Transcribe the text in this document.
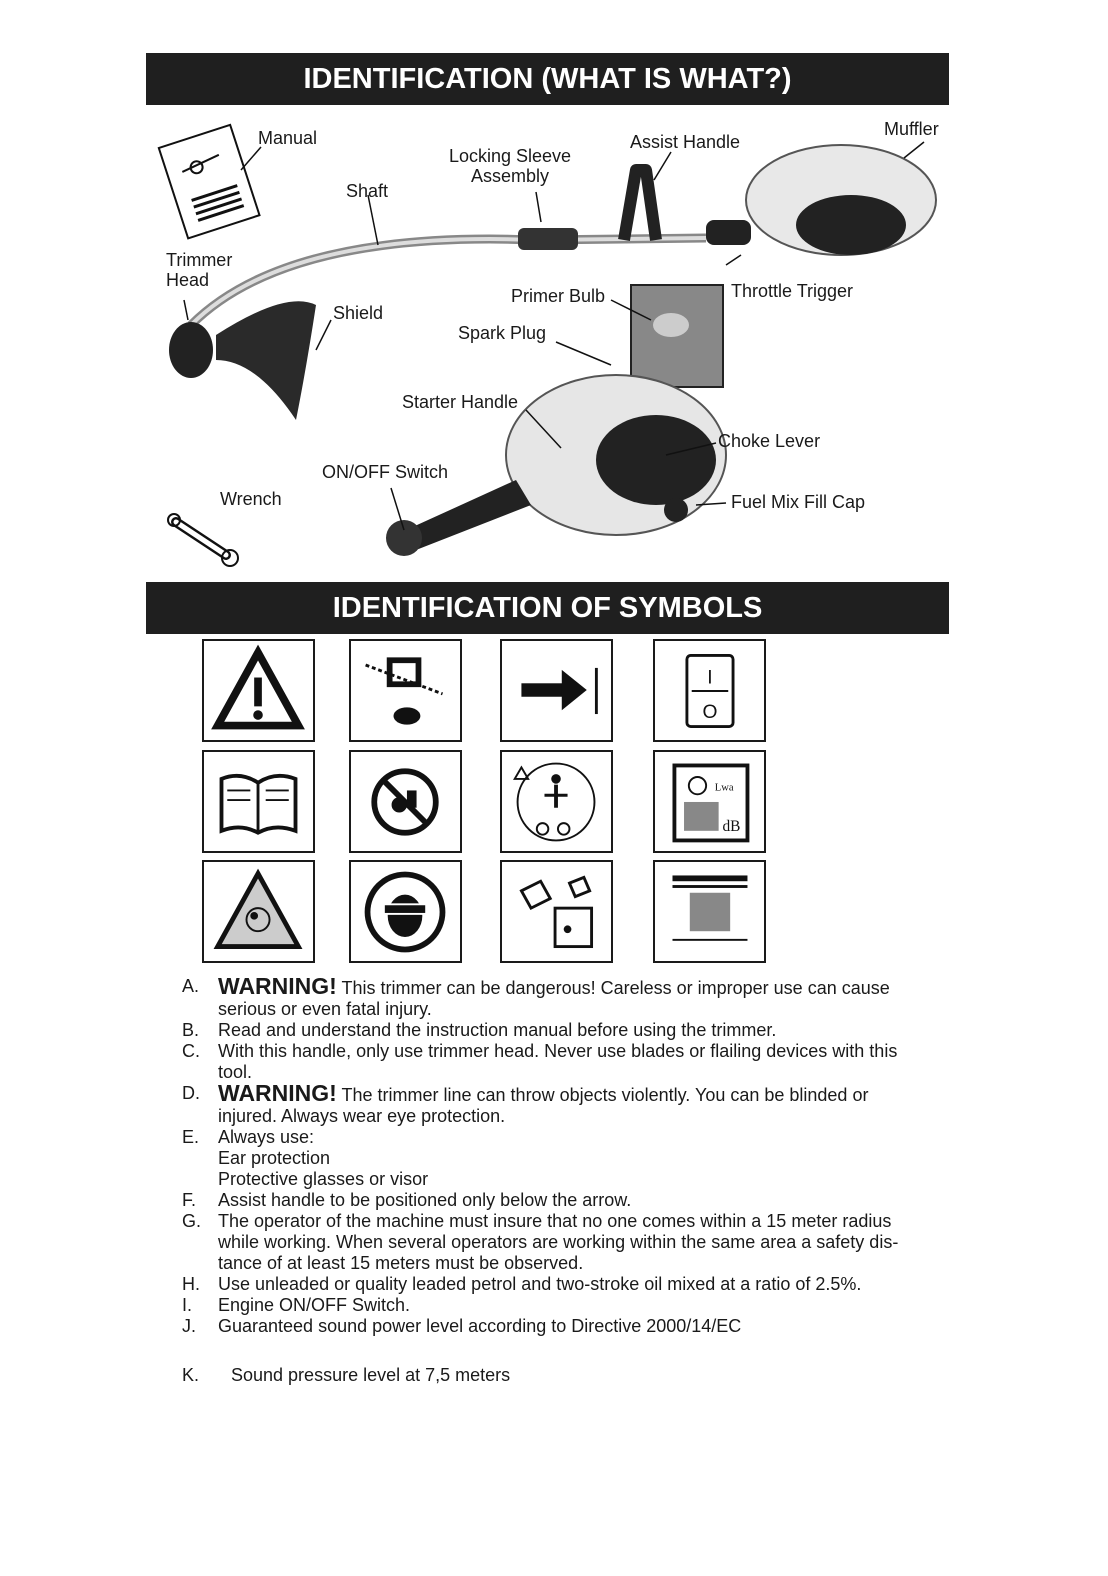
IDENTIFICATION (WHAT IS WHAT?)
Manual
Shaft
Locking Sleeve
Assembly
Assist Handle
Muffler
Trimmer
Head
Shield
Primer Bulb	Throttle Trigger
Spark Plug
Starter Handle
Choke Lever
ON/OFF Switch
Wrench	Fuel Mix Fill Cap
IDENTIFICATION OF SYMBOLS
I
O
Lwa
dB
A. WARNING! This trimmer can be dangerous! Careless or improper use can cause serious or even fatal injury.
B.	Read and understand the instruction manual before using the trimmer.
C.	With this handle, only use trimmer head. Never use blades or flailing devices with this tool.
D. WARNING! The trimmer line can throw objects violently. You can be blinded or injured. Always wear eye protection.
E.	Always use:
Ear protection
Protective glasses or visor
F.	Assist handle to be positioned only below the arrow.
G. The operator of the machine must insure that no one comes within a 15 meter radius while working. When several operators are working within the same area a safety dis-tance of at least 15 meters must be observed.
H.	Use unleaded or quality leaded petrol and two-stroke oil mixed at a ratio of 2.5%.
I.	Engine ON/OFF Switch.
J.	Guaranteed sound power level according to Directive 2000/14/EC
K.	Sound pressure level at 7,5 meters
